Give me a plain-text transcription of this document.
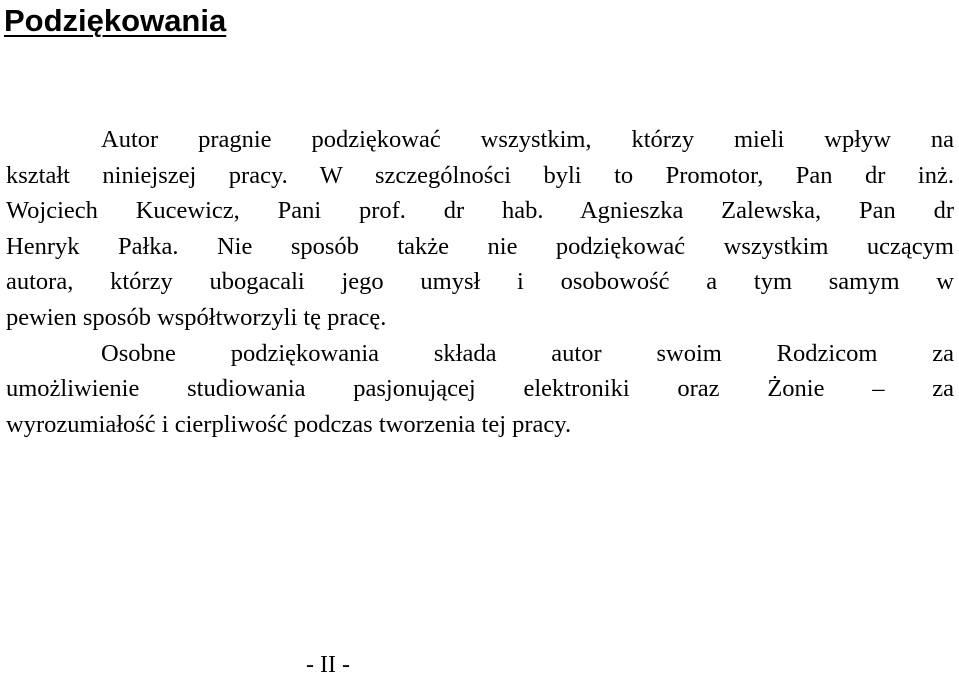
Podziękowania

Autor pragnie podziękować wszystkim, którzy mieli wpływ na
kształt niniejszej pracy. W szczególności byli to Promotor, Pan dr inż.
Wojciech Kucewicz, Pani prof. dr hab. Agnieszka Zalewska, Pan dr
Henryk Pałka. Nie sposób także nie podziękować wszystkim uczącym
autora, którzy ubogacali jego umysł i osobowość a tym samym w
pewien sposób współtworzyli tę pracę.

Osobne podziękowania składa autor swoim Rodzicom za
umożliwienie studiowania pasjonującej elektroniki oraz Żonie – za
wyrozumiałość i cierpliwość podczas tworzenia tej pracy.

- II -
